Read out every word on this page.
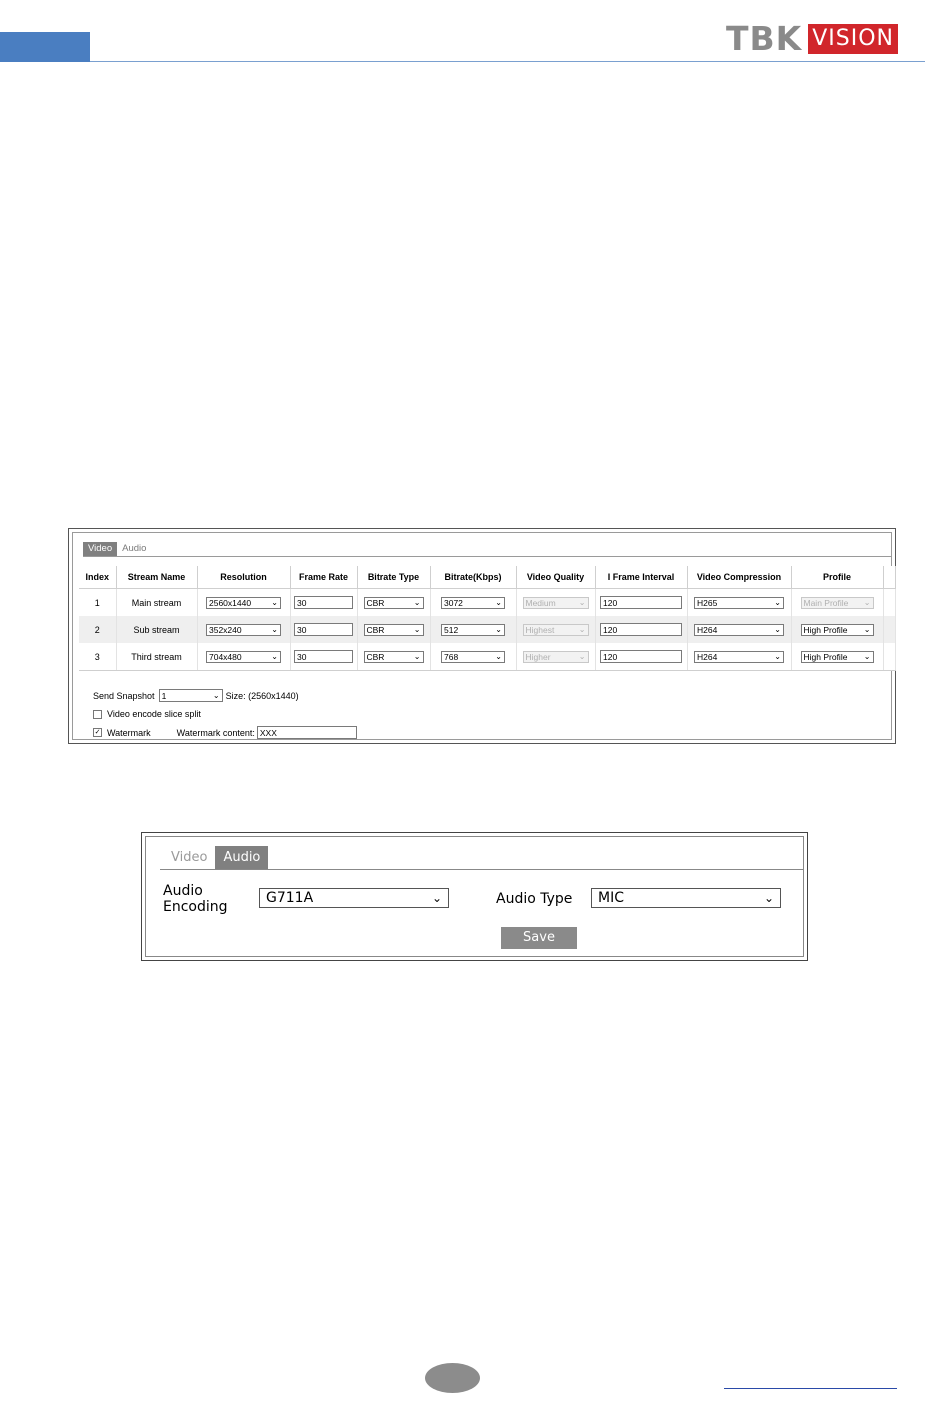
TBK VISION
Video	Audio
Index	Stream Name	Resolution	Frame Rate	Bitrate Type	Bitrate(Kbps)	Video Quality	I Frame Interval	Video Compression	Profile	
1	Main stream	2560x1440 ⌄	30	CBR ⌄	3072 ⌄	Medium ⌄	120	H265 ⌄	Main Profile ⌄	

2	Sub stream	352x240 ⌄	30	CBR ⌄	512 ⌄	Highest ⌄	120	H264 ⌄	High Profile ⌄	

3	Third stream	704x480 ⌄	30	CBR ⌄	768 ⌄	Higher ⌄	120	H264 ⌄	High Profile ⌄	

Send Snapshot 1	⌄ Size: (2560x1440)
Video encode slice split
✓ Watermark	Watermark content: XXX
Video	Audio
Audio
Encoding
G711A	⌄	Audio Type MIC	⌄
Save
